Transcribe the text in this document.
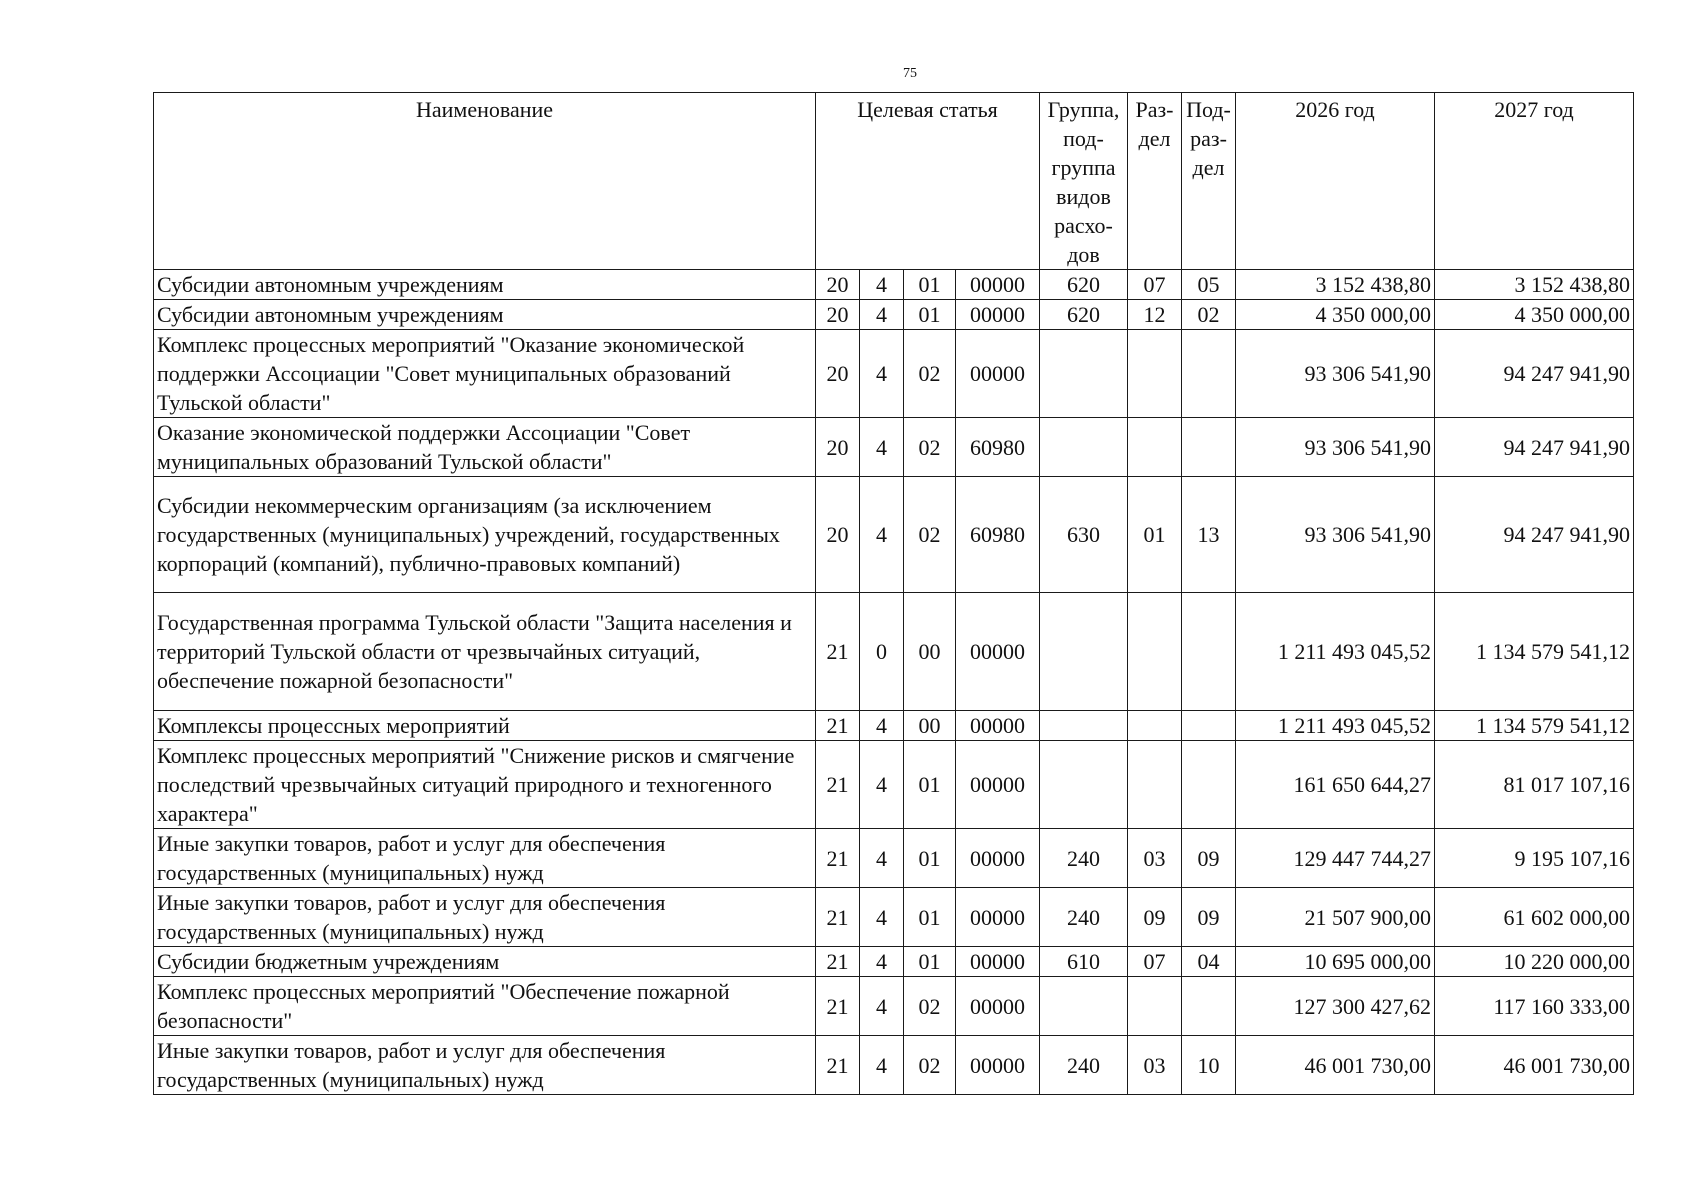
75
Наименование	Целевая статья				Группа, под-группа видов расхо-дов	Раз-дел	Под-раз-дел	2026 год	2027 год
Субсидии автономным учреждениям	20	4	01	00000	620	07	05	3 152 438,80	3 152 438,80
Субсидии автономным учреждениям	20	4	01	00000	620	12	02	4 350 000,00	4 350 000,00
Комплекс процессных мероприятий "Оказание экономической поддержки Ассоциации "Совет муниципальных образований Тульской области"	20	4	02	00000				93 306 541,90	94 247 941,90
Оказание экономической поддержки Ассоциации "Совет муниципальных образований Тульской области"	20	4	02	60980				93 306 541,90	94 247 941,90
Субсидии некоммерческим организациям (за исключением государственных (муниципальных) учреждений, государственных корпораций (компаний), публично-правовых компаний)	20	4	02	60980	630	01	13	93 306 541,90	94 247 941,90
Государственная программа Тульской области "Защита населения и территорий Тульской области от чрезвычайных ситуаций, обеспечение пожарной безопасности"	21	0	00	00000				1 211 493 045,52	1 134 579 541,12
Комплексы процессных мероприятий	21	4	00	00000				1 211 493 045,52	1 134 579 541,12
Комплекс процессных мероприятий "Снижение рисков и смягчение последствий чрезвычайных ситуаций природного и техногенного характера"	21	4	01	00000				161 650 644,27	81 017 107,16
Иные закупки товаров, работ и услуг для обеспечения государственных (муниципальных) нужд	21	4	01	00000	240	03	09	129 447 744,27	9 195 107,16
Иные закупки товаров, работ и услуг для обеспечения государственных (муниципальных) нужд	21	4	01	00000	240	09	09	21 507 900,00	61 602 000,00
Субсидии бюджетным учреждениям	21	4	01	00000	610	07	04	10 695 000,00	10 220 000,00
Комплекс процессных мероприятий "Обеспечение пожарной безопасности"	21	4	02	00000				127 300 427,62	117 160 333,00
Иные закупки товаров, работ и услуг для обеспечения государственных (муниципальных) нужд	21	4	02	00000	240	03	10	46 001 730,00	46 001 730,00
